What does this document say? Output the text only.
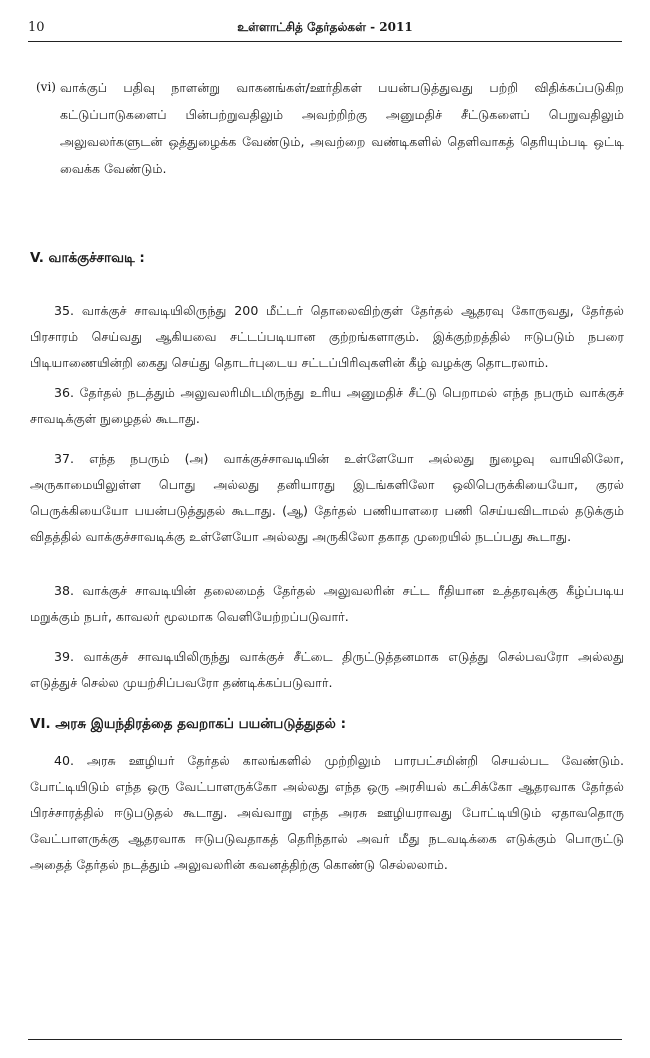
10	உள்ளாட்சித் தேர்தல்கள் - 2011
(vi) வாக்குப் பதிவு நாளன்று வாகனங்கள்/ஊர்திகள் பயன்படுத்துவது பற்றி விதிக்கப்படுகிற கட்டுப்பாடுகளைப் பின்பற்றுவதிலும் அவற்றிற்கு அனுமதிச் சீட்டுகளைப் பெறுவதிலும் அலுவலர்களுடன் ஒத்துழைக்க வேண்டும், அவற்றை வண்டிகளில் தெளிவாகத் தெரியும்படி ஒட்டி வைக்க வேண்டும்.
V. வாக்குச்சாவடி :

35. வாக்குச் சாவடியிலிருந்து 200 மீட்டர் தொலைவிற்குள் தேர்தல் ஆதரவு கோருவது, தேர்தல் பிரசாரம் செய்வது ஆகியவை சட்டப்படியான குற்றங்களாகும். இக்குற்றத்தில் ஈடுபடும் நபரை பிடியாணையின்றி கைது செய்து தொடர்புடைய சட்டப்பிரிவுகளின் கீழ் வழக்கு தொடரலாம்.

36. தேர்தல் நடத்தும் அலுவலரிமிடமிருந்து உரிய அனுமதிச் சீட்டு பெறாமல் எந்த நபரும் வாக்குச் சாவடிக்குள் நுழைதல் கூடாது.

37. எந்த நபரும் (அ) வாக்குச்சாவடியின் உள்ளேயோ அல்லது நுழைவு வாயிலிலோ, அருகாமையிலுள்ள பொது அல்லது தனியாரது இடங்களிலோ ஒலிபெருக்கியையோ, குரல் பெருக்கியையோ பயன்படுத்துதல் கூடாது. (ஆ) தேர்தல் பணியாளரை பணி செய்யவிடாமல் தடுக்கும் விதத்தில் வாக்குச்சாவடிக்கு உள்ளேயோ அல்லது அருகிலோ தகாத முறையில் நடப்பது கூடாது.

38. வாக்குச் சாவடியின் தலைமைத் தேர்தல் அலுவலரின் சட்ட ரீதியான உத்தரவுக்கு கீழ்ப்படிய மறுக்கும் நபர், காவலர் மூலமாக வெளியேற்றப்படுவார்.

39. வாக்குச் சாவடியிலிருந்து வாக்குச் சீட்டை திருட்டுத்தனமாக எடுத்து செல்பவரோ அல்லது எடுத்துச் செல்ல முயற்சிப்பவரோ தண்டிக்கப்படுவார்.

VI. அரசு இயந்திரத்தை தவறாகப் பயன்படுத்துதல் :

40. அரசு ஊழியர் தேர்தல் காலங்களில் முற்றிலும் பாரபட்சமின்றி செயல்பட வேண்டும். போட்டியிடும் எந்த ஒரு வேட்பாளருக்கோ அல்லது எந்த ஒரு அரசியல் கட்சிக்கோ ஆதரவாக தேர்தல் பிரச்சாரத்தில் ஈடுபடுதல் கூடாது. அவ்வாறு எந்த அரசு ஊழியராவது போட்டியிடும் ஏதாவதொரு வேட்பாளருக்கு ஆதரவாக ஈடுபடுவதாகத் தெரிந்தால் அவர் மீது நடவடிக்கை எடுக்கும் பொருட்டு அதைத் தேர்தல் நடத்தும் அலுவலரின் கவனத்திற்கு கொண்டு செல்லலாம்.
